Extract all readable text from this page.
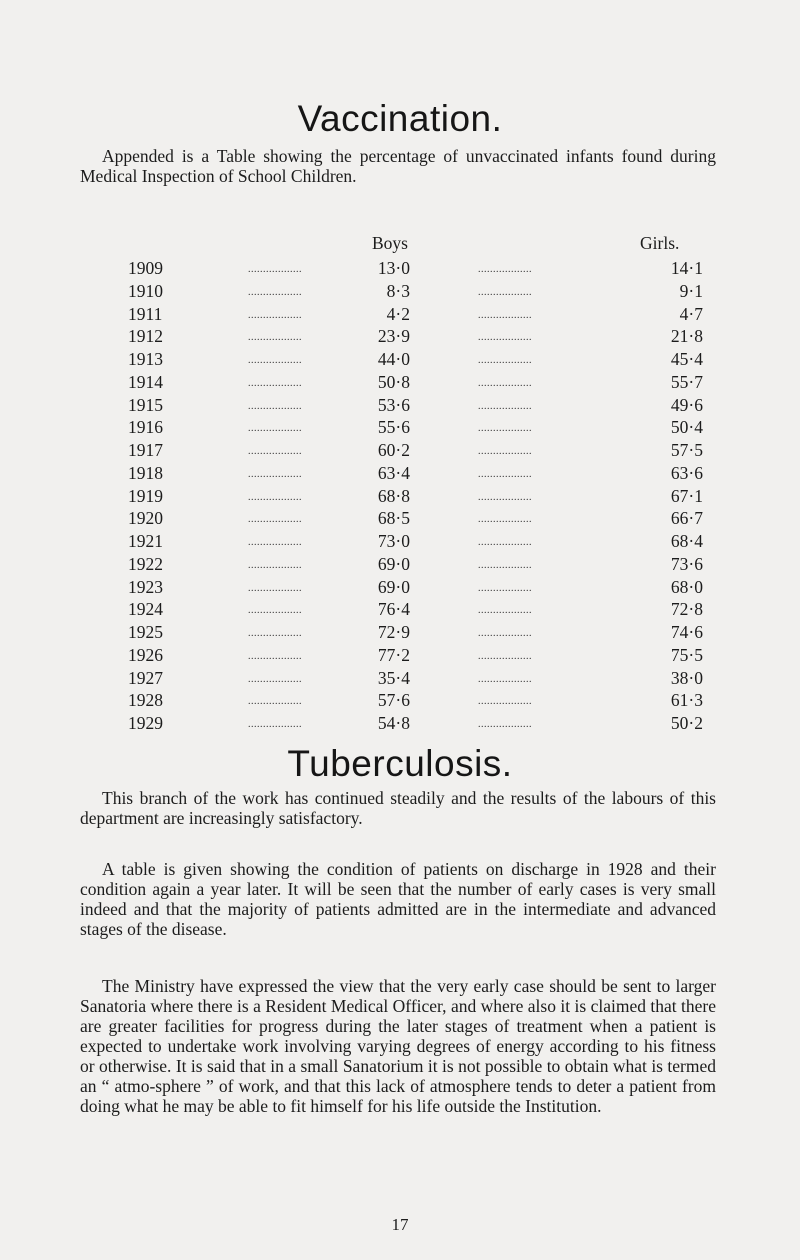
Vaccination.
Appended is a Table showing the percentage of unvaccinated infants found during Medical Inspection of School Children.
Boys	Girls.
1909	..................	13·0	..................	14·1
1910	..................	8·3	..................	9·1
1911	..................	4·2	..................	4·7
1912	..................	23·9	..................	21·8
1913	..................	44·0	..................	45·4
1914	..................	50·8	..................	55·7
1915	..................	53·6	..................	49·6
1916	..................	55·6	..................	50·4
1917	..................	60·2	..................	57·5
1918	..................	63·4	..................	63·6
1919	..................	68·8	..................	67·1
1920	..................	68·5	..................	66·7
1921	..................	73·0	..................	68·4
1922	..................	69·0	..................	73·6
1923	..................	69·0	..................	68·0
1924	..................	76·4	..................	72·8
1925	..................	72·9	..................	74·6
1926	..................	77·2	..................	75·5
1927	..................	35·4	..................	38·0
1928	..................	57·6	..................	61·3
1929	..................	54·8	..................	50·2
Tuberculosis.
This branch of the work has continued steadily and the results of the labours of this department are increasingly satisfactory.
A table is given showing the condition of patients on discharge in 1928 and their condition again a year later. It will be seen that the number of early cases is very small indeed and that the majority of patients admitted are in the intermediate and advanced stages of the disease.
The Ministry have expressed the view that the very early case should be sent to larger Sanatoria where there is a Resident Medical Officer, and where also it is claimed that there are greater facilities for progress during the later stages of treatment when a patient is expected to undertake work involving varying degrees of energy according to his fitness or otherwise. It is said that in a small Sanatorium it is not possible to obtain what is termed an “ atmo-sphere ” of work, and that this lack of atmosphere tends to deter a patient from doing what he may be able to fit himself for his life outside the Institution.
17
